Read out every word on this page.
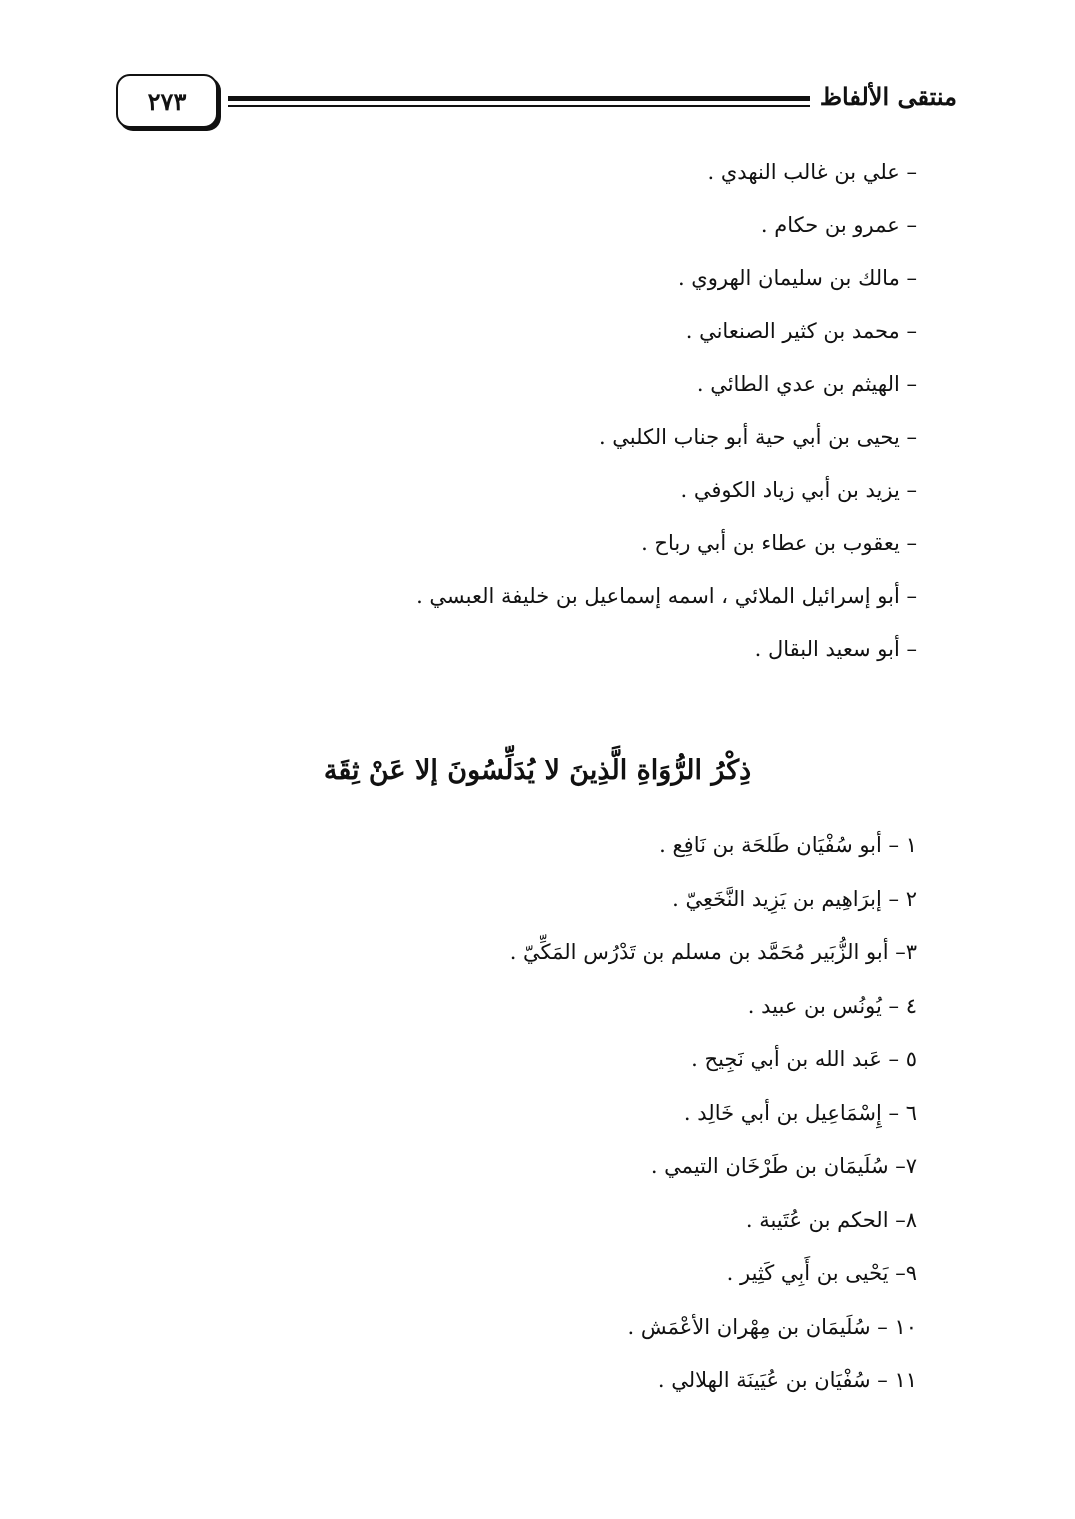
٢٧٣	منتقى الألفاظ
– علي بن غالب النهدي .
– عمرو بن حكام .
– مالك بن سليمان الهروي .
– محمد بن كثير الصنعاني .
– الهيثم بن عدي الطائي .
– يحيى بن أبي حية أبو جناب الكلبي .
– يزيد بن أبي زياد الكوفي .
– يعقوب بن عطاء بن أبي رباح .
– أبو إسرائيل الملائي ، اسمه إسماعيل بن خليفة العبسي .
– أبو سعيد البقال .
ذِكْرُ الرُّوَاةِ الَّذِينَ لا يُدَلِّسُونَ إلا عَنْ ثِقَة
١ – أبو سُفْيَان طَلحَة بن نَافِع .
٢ – إبرَاهِيم بن يَزِيد النَّخَعِيّ .
٣– أبو الزُّبَير مُحَمَّد بن مسلم بن تَدْرُس المَكِّيّ .
٤ – يُونُس بن عبيد .
٥ – عَبد الله بن أبي نَجِيح .
٦ – إِسْمَاعِيل بن أبي خَالِد .
٧– سُلَيمَان بن طَرْخَان التيمي .
٨– الحكم بن عُتَيبة .
٩– يَحْيى بن أَبِي كَثِير .
١٠ – سُلَيمَان بن مِهْران الأعْمَش .
١١ – سُفْيَان بن عُيَينَة الهلالي .
